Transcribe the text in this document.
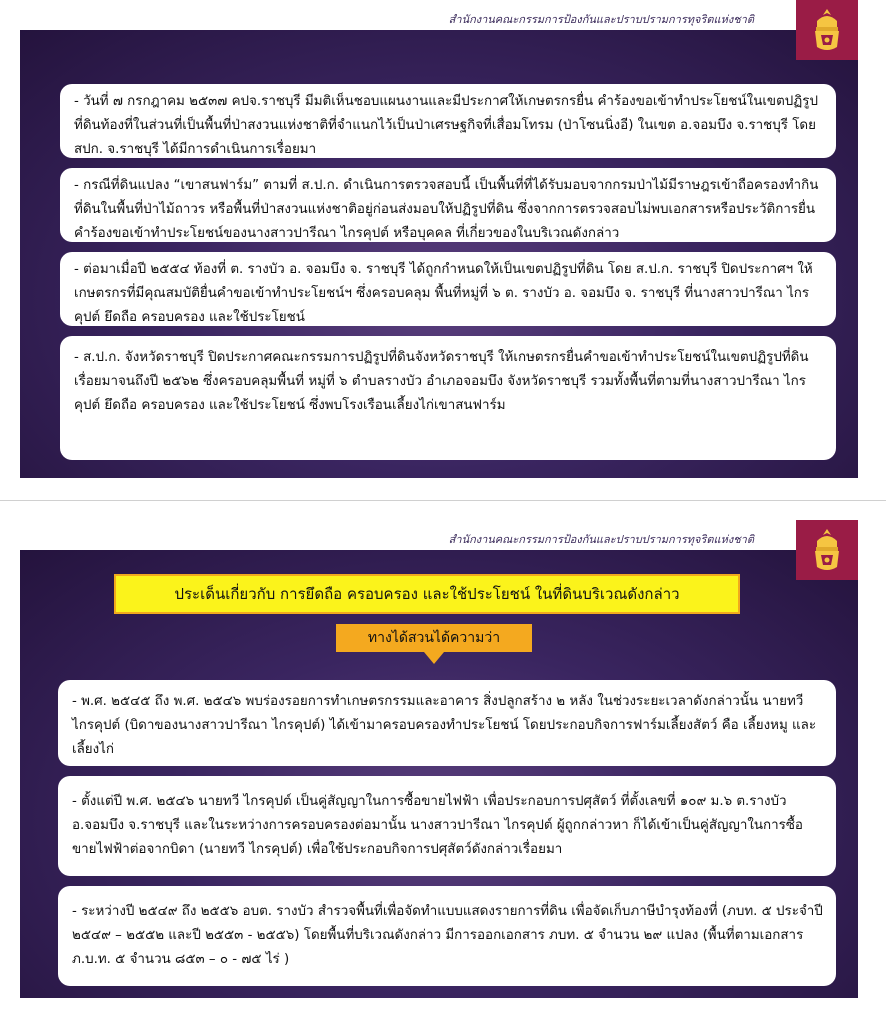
สำนักงานคณะกรรมการป้องกันและปราบปรามการทุจริตแห่งชาติ
- วันที่ ๗ กรกฎาคม ๒๕๓๗ คปจ.ราชบุรี มีมติเห็นชอบแผนงานและมีประกาศให้เกษตรกรยื่น คำร้องขอเข้าทำประโยชน์ในเขตปฏิรูปที่ดินท้องที่ในส่วนที่เป็นพื้นที่ป่าสงวนแห่งชาติที่จำแนกไว้เป็นป่าเศรษฐกิจที่เสื่อมโทรม (ป่าโซนนิ่งอี) ในเขต อ.จอมบึง จ.ราชบุรี โดย สปก. จ.ราชบุรี ได้มีการดำเนินการเรื่อยมา
- กรณีที่ดินแปลง “เขาสนฟาร์ม” ตามที่ ส.ป.ก. ดำเนินการตรวจสอบนี้ เป็นพื้นที่ที่ได้รับมอบจากกรมป่าไม้มีราษฎรเข้าถือครองทำกินที่ดินในพื้นที่ป่าไม้ถาวร หรือพื้นที่ป่าสงวนแห่งชาติอยู่ก่อนส่งมอบให้ปฏิรูปที่ดิน ซึ่งจากการตรวจสอบไม่พบเอกสารหรือประวัติการยื่นคำร้องขอเข้าทำประโยชน์ของนางสาวปารีณา ไกรคุปต์ หรือบุคคล ที่เกี่ยวของในบริเวณดังกล่าว
- ต่อมาเมื่อปี ๒๕๕๔ ท้องที่ ต. รางบัว อ. จอมบึง จ. ราชบุรี ได้ถูกกำหนดให้เป็นเขตปฏิรูปที่ดิน โดย ส.ป.ก. ราชบุรี ปิดประกาศฯ ให้เกษตรกรที่มีคุณสมบัติยื่นคำขอเข้าทำประโยชน์ฯ ซึ่งครอบคลุม พื้นที่หมู่ที่ ๖ ต. รางบัว อ. จอมบึง จ. ราชบุรี ที่นางสาวปารีณา ไกรคุปต์ ยึดถือ ครอบครอง และใช้ประโยชน์
- ส.ป.ก. จังหวัดราชบุรี ปิดประกาศคณะกรรมการปฏิรูปที่ดินจังหวัดราชบุรี ให้เกษตรกรยื่นคำขอเข้าทำประโยชน์ในเขตปฏิรูปที่ดิน เรื่อยมาจนถึงปี ๒๕๖๒ ซึ่งครอบคลุมพื้นที่ หมู่ที่ ๖ ตำบลรางบัว อำเภอจอมบึง จังหวัดราชบุรี รวมทั้งพื้นที่ตามที่นางสาวปารีณา ไกรคุปต์ ยึดถือ ครอบครอง และใช้ประโยชน์ ซึ่งพบโรงเรือนเลี้ยงไก่เขาสนฟาร์ม
สำนักงานคณะกรรมการป้องกันและปราบปรามการทุจริตแห่งชาติ
ประเด็นเกี่ยวกับ การยึดถือ ครอบครอง และใช้ประโยชน์ ในที่ดินบริเวณดังกล่าว
ทางได้สวนได้ความว่า
- พ.ศ. ๒๕๔๕ ถึง พ.ศ. ๒๕๔๖ พบร่องรอยการทำเกษตรกรรมและอาคาร สิ่งปลูกสร้าง ๒ หลัง ในช่วงระยะเวลาดังกล่าวนั้น นายทวี ไกรคุปต์ (บิดาของนางสาวปารีณา ไกรคุปต์) ได้เข้ามาครอบครองทำประโยชน์ โดยประกอบกิจการฟาร์มเลี้ยงสัตว์ คือ เลี้ยงหมู และเลี้ยงไก่
- ตั้งแต่ปี พ.ศ. ๒๕๔๖ นายทวี ไกรคุปต์ เป็นคู่สัญญาในการซื้อขายไฟฟ้า เพื่อประกอบการปศุสัตว์ ที่ตั้งเลขที่ ๑๐๙ ม.๖ ต.รางบัว อ.จอมบึง จ.ราชบุรี และในระหว่างการครอบครองต่อมานั้น นางสาวปารีณา ไกรคุปต์ ผู้ถูกกล่าวหา ก็ได้เข้าเป็นคู่สัญญาในการซื้อขายไฟฟ้าต่อจากบิดา (นายทวี ไกรคุปต์) เพื่อใช้ประกอบกิจการปศุสัตว์ดังกล่าวเรื่อยมา
- ระหว่างปี ๒๕๔๙ ถึง ๒๕๕๖ อบต. รางบัว สำรวจพื้นที่เพื่อจัดทำแบบแสดงรายการที่ดิน เพื่อจัดเก็บภาษีบำรุงท้องที่ (ภบท. ๕ ประจำปี ๒๕๔๙ – ๒๕๕๒ และปี ๒๕๕๓ - ๒๕๕๖) โดยพื้นที่บริเวณดังกล่าว มีการออกเอกสาร ภบท. ๕ จำนวน ๒๙ แปลง (พื้นที่ตามเอกสาร ภ.บ.ท. ๕ จำนวน ๘๕๓ – ๐ - ๗๕ ไร่ )
